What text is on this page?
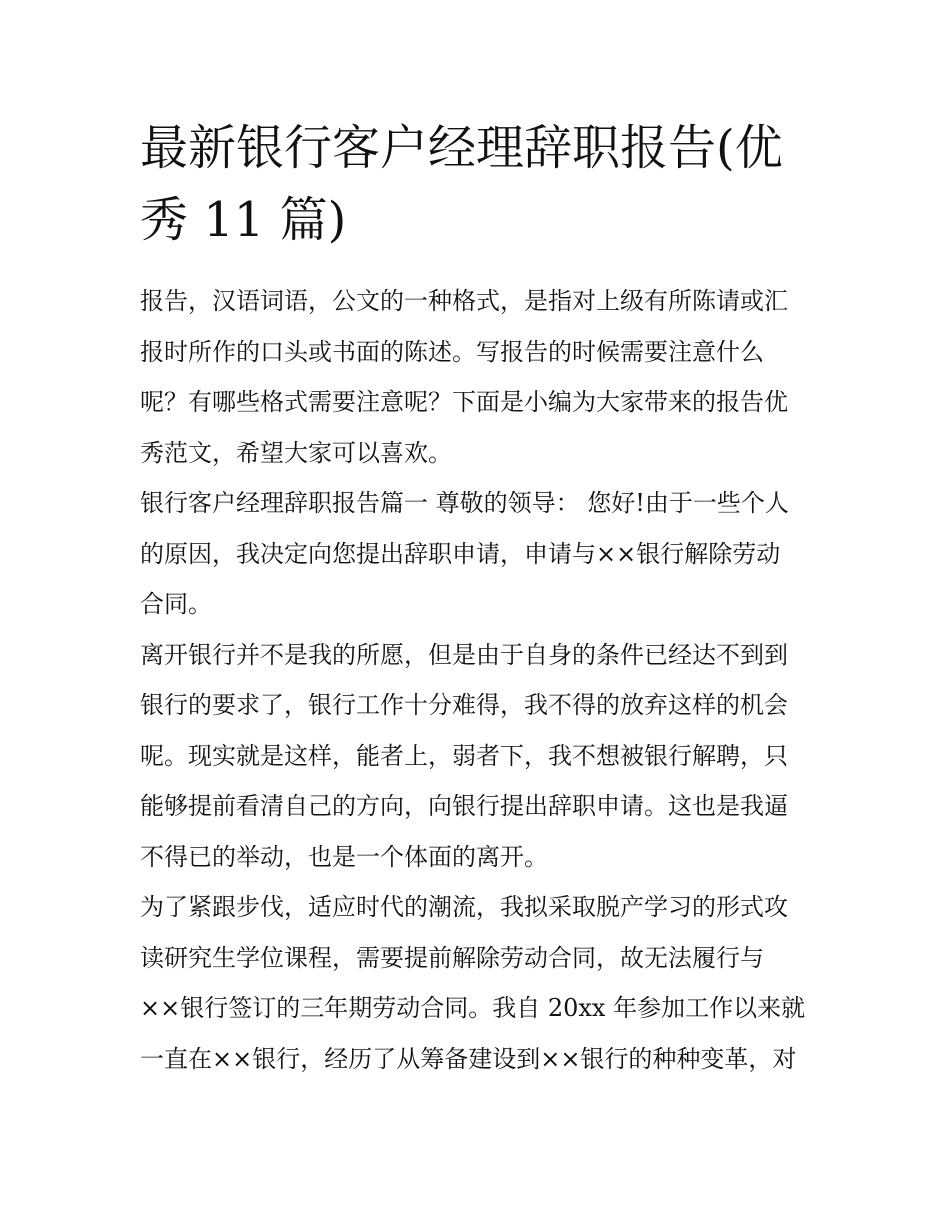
最新银行客户经理辞职报告(优
秀 11 篇)

报告，汉语词语，公文的一种格式，是指对上级有所陈请或汇
报时所作的口头或书面的陈述。写报告的时候需要注意什么
呢？有哪些格式需要注意呢？下面是小编为大家带来的报告优
秀范文，希望大家可以喜欢。

银行客户经理辞职报告篇一 尊敬的领导： 您好!由于一些个人
的原因，我决定向您提出辞职申请，申请与××银行解除劳动
合同。

离开银行并不是我的所愿，但是由于自身的条件已经达不到到
银行的要求了，银行工作十分难得，我不得的放弃这样的机会
呢。现实就是这样，能者上，弱者下，我不想被银行解聘，只
能够提前看清自己的方向，向银行提出辞职申请。这也是我逼
不得已的举动，也是一个体面的离开。

为了紧跟步伐，适应时代的潮流，我拟采取脱产学习的形式攻
读研究生学位课程，需要提前解除劳动合同，故无法履行与
××银行签订的三年期劳动合同。我自 20xx 年参加工作以来就
一直在××银行，经历了从筹备建设到××银行的种种变革，对
